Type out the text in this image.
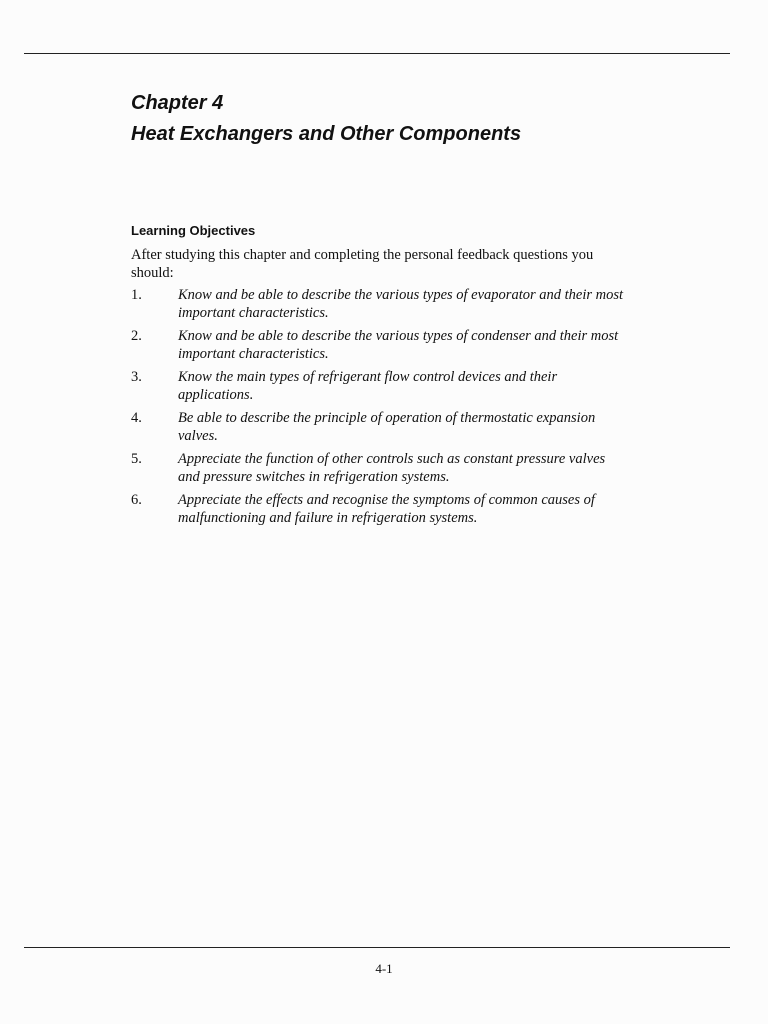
Chapter 4
Heat Exchangers and Other Components
Learning Objectives

After studying this chapter and completing the personal feedback questions you should:

1.	Know and be able to describe the various types of evaporator and their most important characteristics.
2.	Know and be able to describe the various types of condenser and their most important characteristics.
3.	Know the main types of refrigerant flow control devices and their applications.
4.	Be able to describe the principle of operation of thermostatic expansion valves.
5.	Appreciate the function of other controls such as constant pressure valves and pressure switches in refrigeration systems.
6.	Appreciate the effects and recognise the symptoms of common causes of malfunctioning and failure in refrigeration systems.
4-1
